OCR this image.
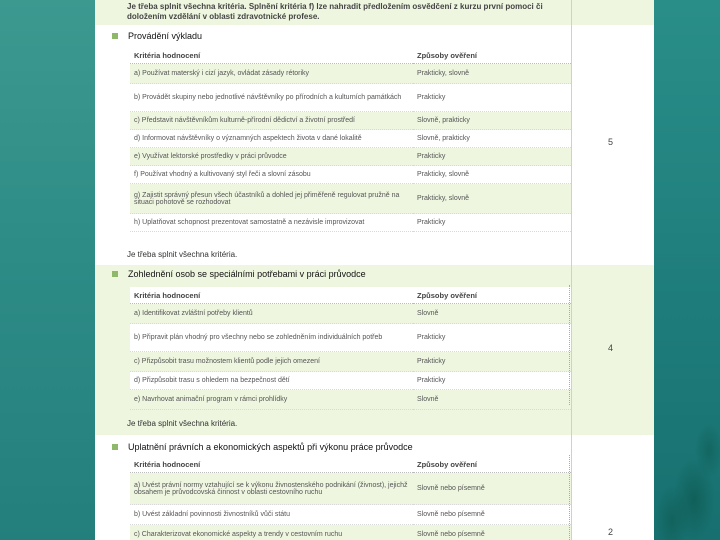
Je třeba splnit všechna kritéria. Splnění kritéria f) lze nahradit předložením osvědčení z kurzu první pomoci či doložením vzdělání v oblasti zdravotnické profese.
Provádění výkladu
Kritéria hodnocení	Způsoby ověření
a) Používat materský i cizí jazyk, ovládat zásady rétoriky	Prakticky, slovně
b) Provádět skupiny nebo jednotlivé návštěvníky po přírodních a kulturních památkách	Prakticky
c) Představit návštěvníkům kulturně-přírodní dědictví a životní prostředí	Slovně, prakticky
d) Informovat návštěvníky o významných aspektech života v dané lokalitě	Slovně, prakticky
e) Využívat lektorské prostředky v práci průvodce	Prakticky
f) Používat vhodný a kultivovaný styl řeči a slovní zásobu	Prakticky, slovně
g) Zajistit správný přesun všech účastníků a dohled jej přiměřeně regulovat pružně na situaci pohotově se rozhodovat	Prakticky, slovně
h) Uplatňovat schopnost prezentovat samostatně a nezávisle improvizovat	Prakticky
Je třeba splnit všechna kritéria.
5
Zohlednění osob se speciálními potřebami v práci průvodce
Kritéria hodnocení	Způsoby ověření
a) Identifikovat zvláštní potřeby klientů	Slovně
b) Připravit plán vhodný pro všechny nebo se zohledněním individuálních potřeb	Prakticky
c) Přizpůsobit trasu možnostem klientů podle jejich omezení	Prakticky
d) Přizpůsobit trasu s ohledem na bezpečnost dětí	Prakticky
e) Navrhovat animační program v rámci prohlídky	Slovně
Je třeba splnit všechna kritéria.
4
Uplatnění právních a ekonomických aspektů při výkonu práce průvodce
Kritéria hodnocení	Způsoby ověření
a) Uvést právní normy vztahující se k výkonu živnostenského podnikání (živnost), jejichž obsahem je průvodcovská činnost v oblasti cestovního ruchu	Slovně nebo písemně
b) Uvést základní povinnosti živnostníků vůči státu	Slovně nebo písemně
c) Charakterizovat ekonomické aspekty a trendy v cestovním ruchu	Slovně nebo písemně	2
